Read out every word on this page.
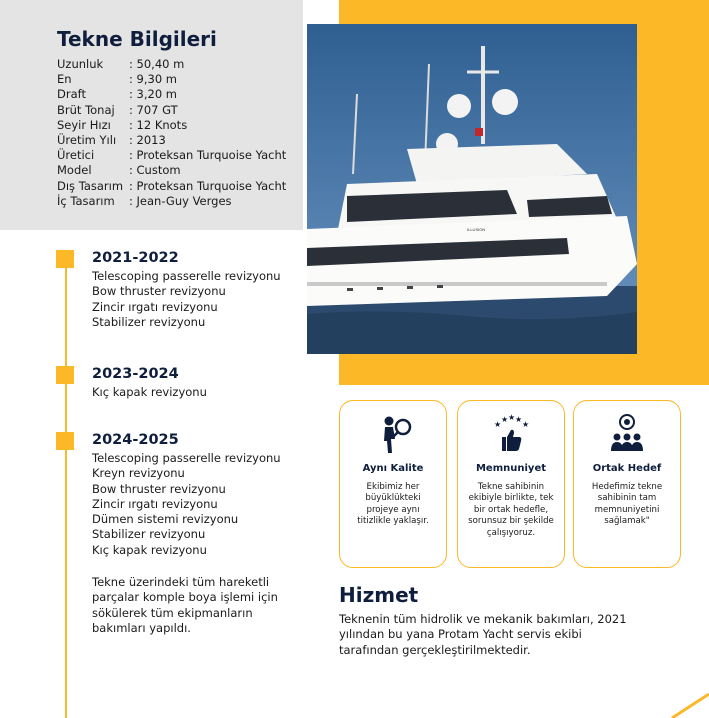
Tekne Bilgileri
Uzunluk	: 50,40 m
En	: 9,30 m
Draft	: 3,20 m
Brüt Tonaj	: 707 GT
Seyir Hızı	: 12 Knots
Üretim Yılı	: 2013
Üretici	: Proteksan Turquoise Yacht
Model	: Custom
Dış Tasarım : Proteksan Turquoise Yacht
İç Tasarım	: Jean-Guy Verges
ILLUSION
2021-2022
Telescoping passerelle revizyonu
Bow thruster revizyonu
Zincir ırgatı revizyonu
Stabilizer revizyonu
2023-2024
Kıç kapak revizyonu
2024-2025
Telescoping passerelle revizyonu
Kreyn revizyonu
Bow thruster revizyonu
Zincir ırgatı revizyonu
Dümen sistemi revizyonu
Stabilizer revizyonu
Kıç kapak revizyonu
Tekne üzerindeki tüm hareketli parçalar komple boya işlemi için sökülerek tüm ekipmanların bakımları yapıldı.
Aynı Kalite
Ekibimiz her büyüklükteki projeye aynı titizlikle yaklaşır.
★
★ ★ ★
★
Memnuniyet
Tekne sahibinin ekibiyle birlikte, tek bir ortak hedefle, sorunsuz bir şekilde çalışıyoruz.
Ortak Hedef
Hedefimiz tekne sahibinin tam memnuniyetini sağlamak"
Hizmet
Teknenin tüm hidrolik ve mekanik bakımları, 2021 yılından bu yana Protam Yacht servis ekibi tarafından gerçekleştirilmektedir.
